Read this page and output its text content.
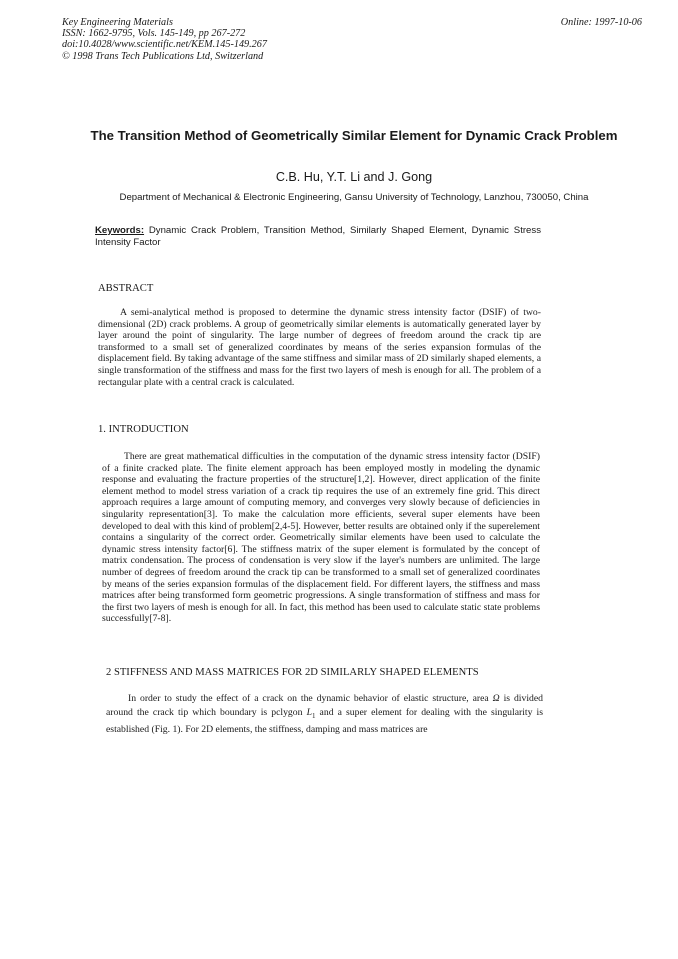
Key Engineering Materials
ISSN: 1662-9795, Vols. 145-149, pp 267-272
doi:10.4028/www.scientific.net/KEM.145-149.267
© 1998 Trans Tech Publications Ltd, Switzerland
Online: 1997-10-06
The Transition Method of Geometrically Similar Element for Dynamic Crack Problem
C.B. Hu, Y.T. Li and J. Gong
Department of Mechanical & Electronic Engineering, Gansu University of Technology, Lanzhou, 730050, China
Keywords: Dynamic Crack Problem, Transition Method, Similarly Shaped Element, Dynamic Stress Intensity Factor
ABSTRACT
A semi-analytical method is proposed to determine the dynamic stress intensity factor (DSIF) of two-dimensional (2D) crack problems. A group of geometrically similar elements is automatically generated layer by layer around the point of singularity. The large number of degrees of freedom around the crack tip are transformed to a small set of generalized coordinates by means of the series expansion formulas of the displacement field. By taking advantage of the same stiffness and similar mass of 2D similarly shaped elements, a single transformation of the stiffness and mass for the first two layers of mesh is enough for all. The problem of a rectangular plate with a central crack is calculated.
1. INTRODUCTION
There are great mathematical difficulties in the computation of the dynamic stress intensity factor (DSIF) of a finite cracked plate. The finite element approach has been employed mostly in modeling the dynamic response and evaluating the fracture properties of the structure[1,2]. However, direct application of the finite element method to model stress variation of a crack tip requires the use of an extremely fine grid. This direct approach requires a large amount of computing memory, and converges very slowly because of deficiencies in singularity representation[3]. To make the calculation more efficients, several super elements have been developed to deal with this kind of problem[2,4-5]. However, better results are obtained only if the superelement contains a singularity of the correct order. Geometrically similar elements have been used to calculate the dynamic stress intensity factor[6]. The stiffness matrix of the super element is formulated by the concept of matrix condensation. The process of condensation is very slow if the layer's numbers are unlimited. The large number of degrees of freedom around the crack tip can be transformed to a small set of generalized coordinates by means of the series expansion formulas of the displacement field. For different layers, the stiffness and mass matrices after being transformed form geometric progressions. A single transformation of stiffness and mass for the first two layers of mesh is enough for all. In fact, this method has been used to calculate static state problems successfully[7-8].
2 STIFFNESS AND MASS MATRICES FOR 2D SIMILARLY SHAPED ELEMENTS
In order to study the effect of a crack on the dynamic behavior of elastic structure, area Ω is divided around the crack tip which boundary is pclygon $L_1$ and a super element for dealing with the singularity is established (Fig. 1). For 2D elements, the stiffness, damping and mass matrices are
